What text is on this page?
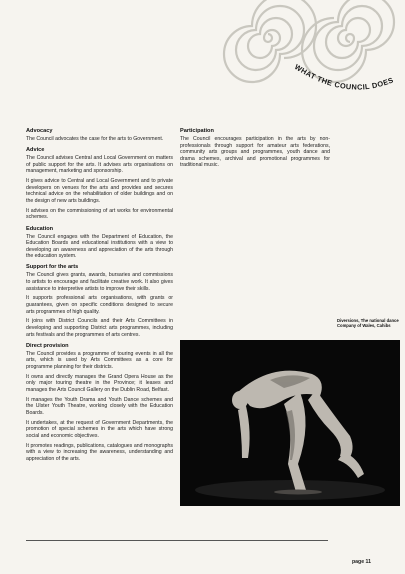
WHAT THE COUNCIL DOES
Advocacy

The Council advocates the case for the arts to Government.

Advice

The Council advises Central and Local Government on matters of public support for the arts. It advises arts organisations on management, marketing and sponsorship.

It gives advice to Central and Local Government and to private developers on venues for the arts and provides and secures technical advice on the rehabilitation of older buildings and on the design of new arts buildings.

It advises on the commissioning of art works for environmental schemes.

Education

The Council engages with the Department of Education, the Education Boards and educational institutions with a view to developing an awareness and appreciation of the arts through the education system.

Support for the arts

The Council gives grants, awards, bursaries and commissions to artists to encourage and facilitate creative work. It also gives assistance to interpretive artists to improve their skills.

It supports professional arts organisations, with grants or guarantees, given on specific conditions designed to secure arts programmes of high quality.

It joins with District Councils and their Arts Committees in developing and supporting District arts programmes, including arts festivals and the programmes of arts centres.

Direct provision

The Council provides a programme of touring events in all the arts, which is used by Arts Committees as a core for programme planning for their districts.

It owns and directly manages the Grand Opera House as the only major touring theatre in the Province; it leases and manages the Arts Council Gallery on the Dublin Road, Belfast.

It manages the Youth Drama and Youth Dance schemes and the Ulster Youth Theatre, working closely with the Education Boards.

It undertakes, at the request of Government Departments, the promotion of special schemes in the arts which have strong social and economic objectives.

It promotes readings, publications, catalogues and monographs with a view to increasing the awareness, understanding and appreciation of the arts.

Participation

The Council encourages participation in the arts by non-professionals through support for amateur arts federations, community arts groups and programmes, youth dance and drama schemes, archival and promotional programmes for traditional music.

Diversions, The national dance Company of Wales, Cahibs
page 11
